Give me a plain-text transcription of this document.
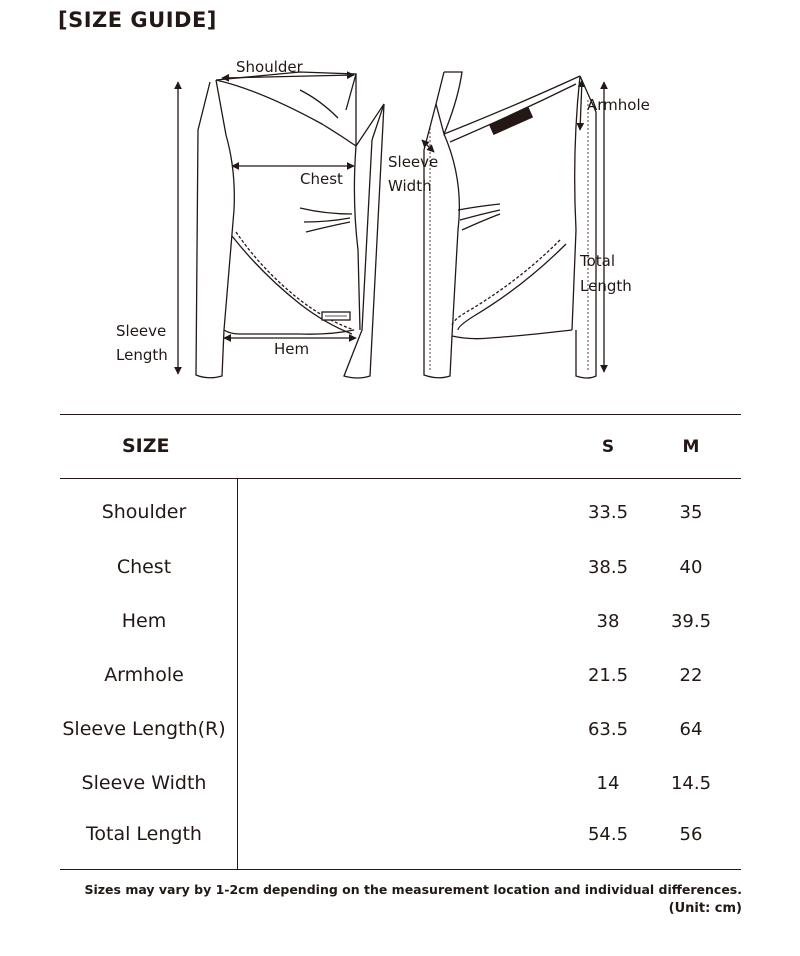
[SIZE GUIDE]
Shoulder
Armhole
Chest
Sleeve
Width
Total
Length
Sleeve
Length	Hem
SIZE	S	M
Shoulder	33.5	35
Chest	38.5	40
Hem	38	39.5
Armhole	21.5	22
Sleeve Length(R)	63.5	64
Sleeve Width	14	14.5
Total Length	54.5	56
Sizes may vary by 1-2cm depending on the measurement location and individual differences.
(Unit: cm)
